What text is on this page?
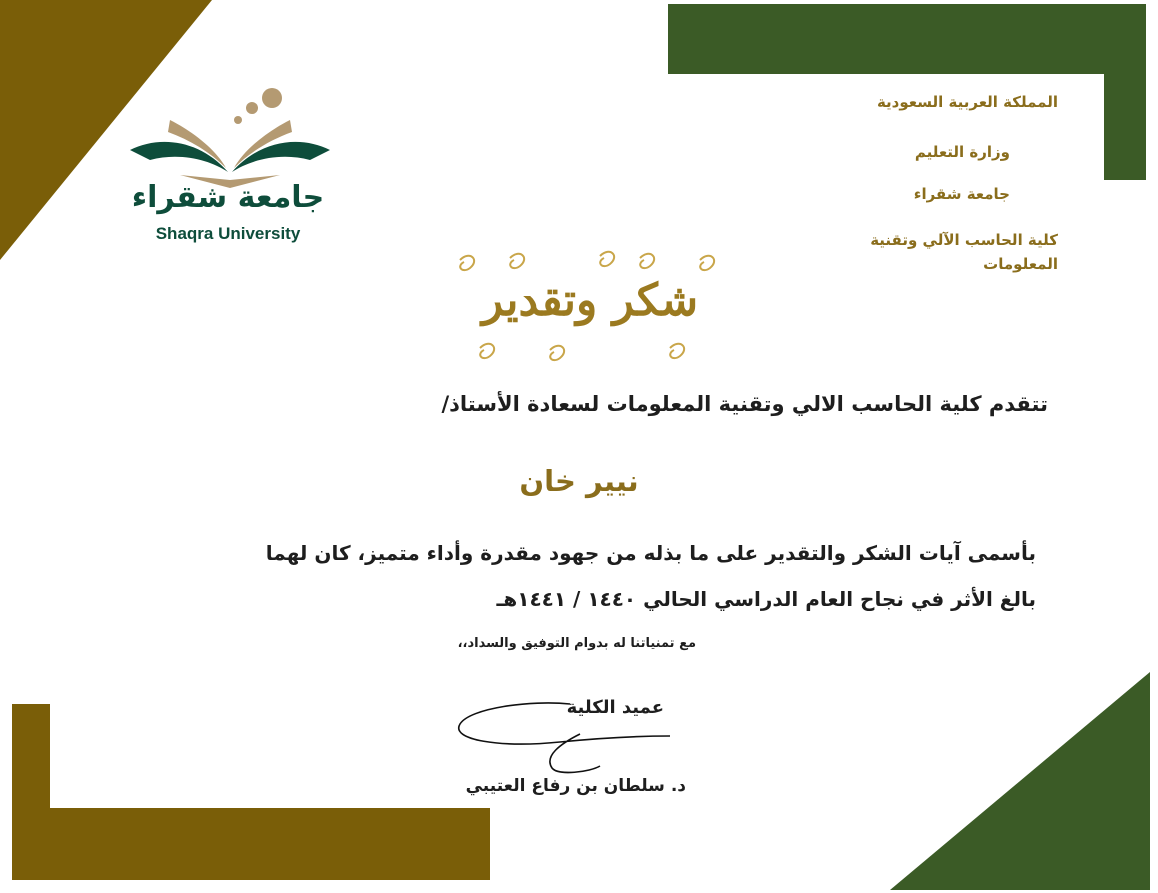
المملكة العربية السعودية
وزارة التعليم
جامعة شقراء
كلية الحاسب الآلي وتقنية المعلومات
جامعة شقراء
Shaqra University
شكر وتقدير
تتقدم كلية الحاسب الالي وتقنية المعلومات لسعادة الأستاذ/
نيير خان
بأسمى آيات الشكر والتقدير على ما بذله من جهود مقدرة وأداء متميز، كان لهما
بالغ الأثر في نجاح العام الدراسي الحالي ١٤٤٠ / ١٤٤١هـ
مع تمنياتنا له بدوام التوفيق والسداد،،
عميد الكلية
د. سلطان بن رفاع العتيبي
